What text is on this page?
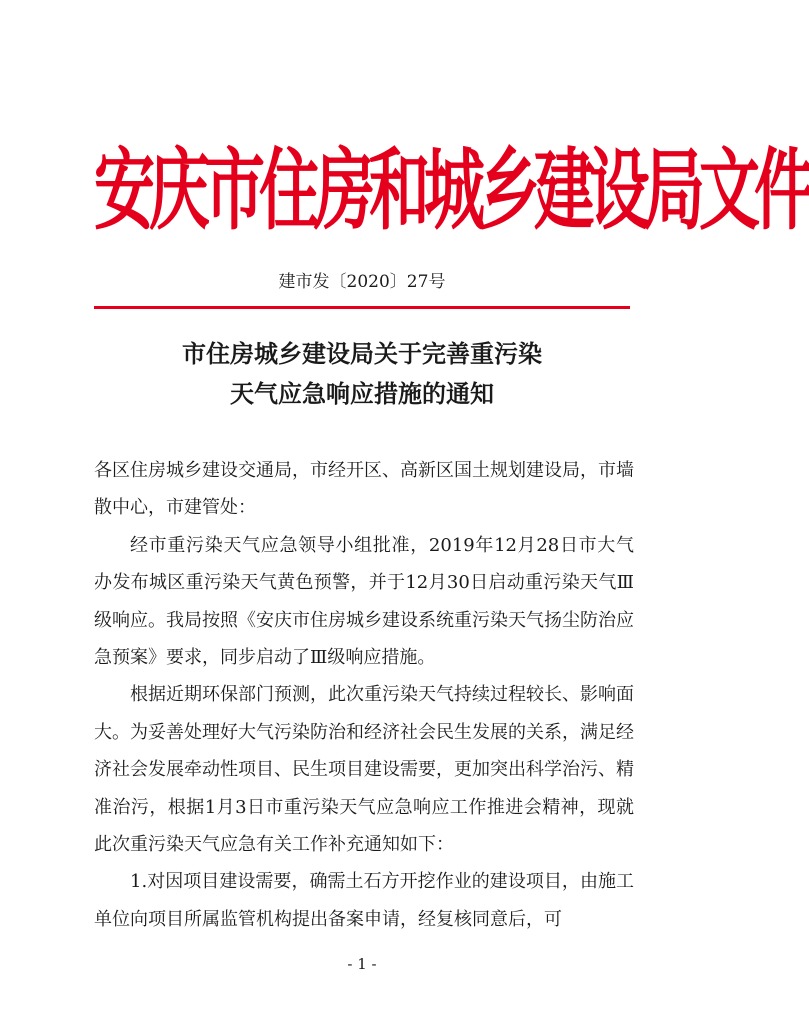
安庆市住房和城乡建设局文件
建市发〔2020〕27号
市住房城乡建设局关于完善重污染
天气应急响应措施的通知

各区住房城乡建设交通局，市经开区、高新区国土规划建设局，市墙散中心，市建管处：

经市重污染天气应急领导小组批准，2019年12月28日市大气办发布城区重污染天气黄色预警，并于12月30日启动重污染天气Ⅲ级响应。我局按照《安庆市住房城乡建设系统重污染天气扬尘防治应急预案》要求，同步启动了Ⅲ级响应措施。

根据近期环保部门预测，此次重污染天气持续过程较长、影响面大。为妥善处理好大气污染防治和经济社会民生发展的关系，满足经济社会发展牵动性项目、民生项目建设需要，更加突出科学治污、精准治污，根据1月3日市重污染天气应急响应工作推进会精神，现就此次重污染天气应急有关工作补充通知如下：

1.对因项目建设需要，确需土石方开挖作业的建设项目，由施工单位向项目所属监管机构提出备案申请，经复核同意后，可

- 1 -
